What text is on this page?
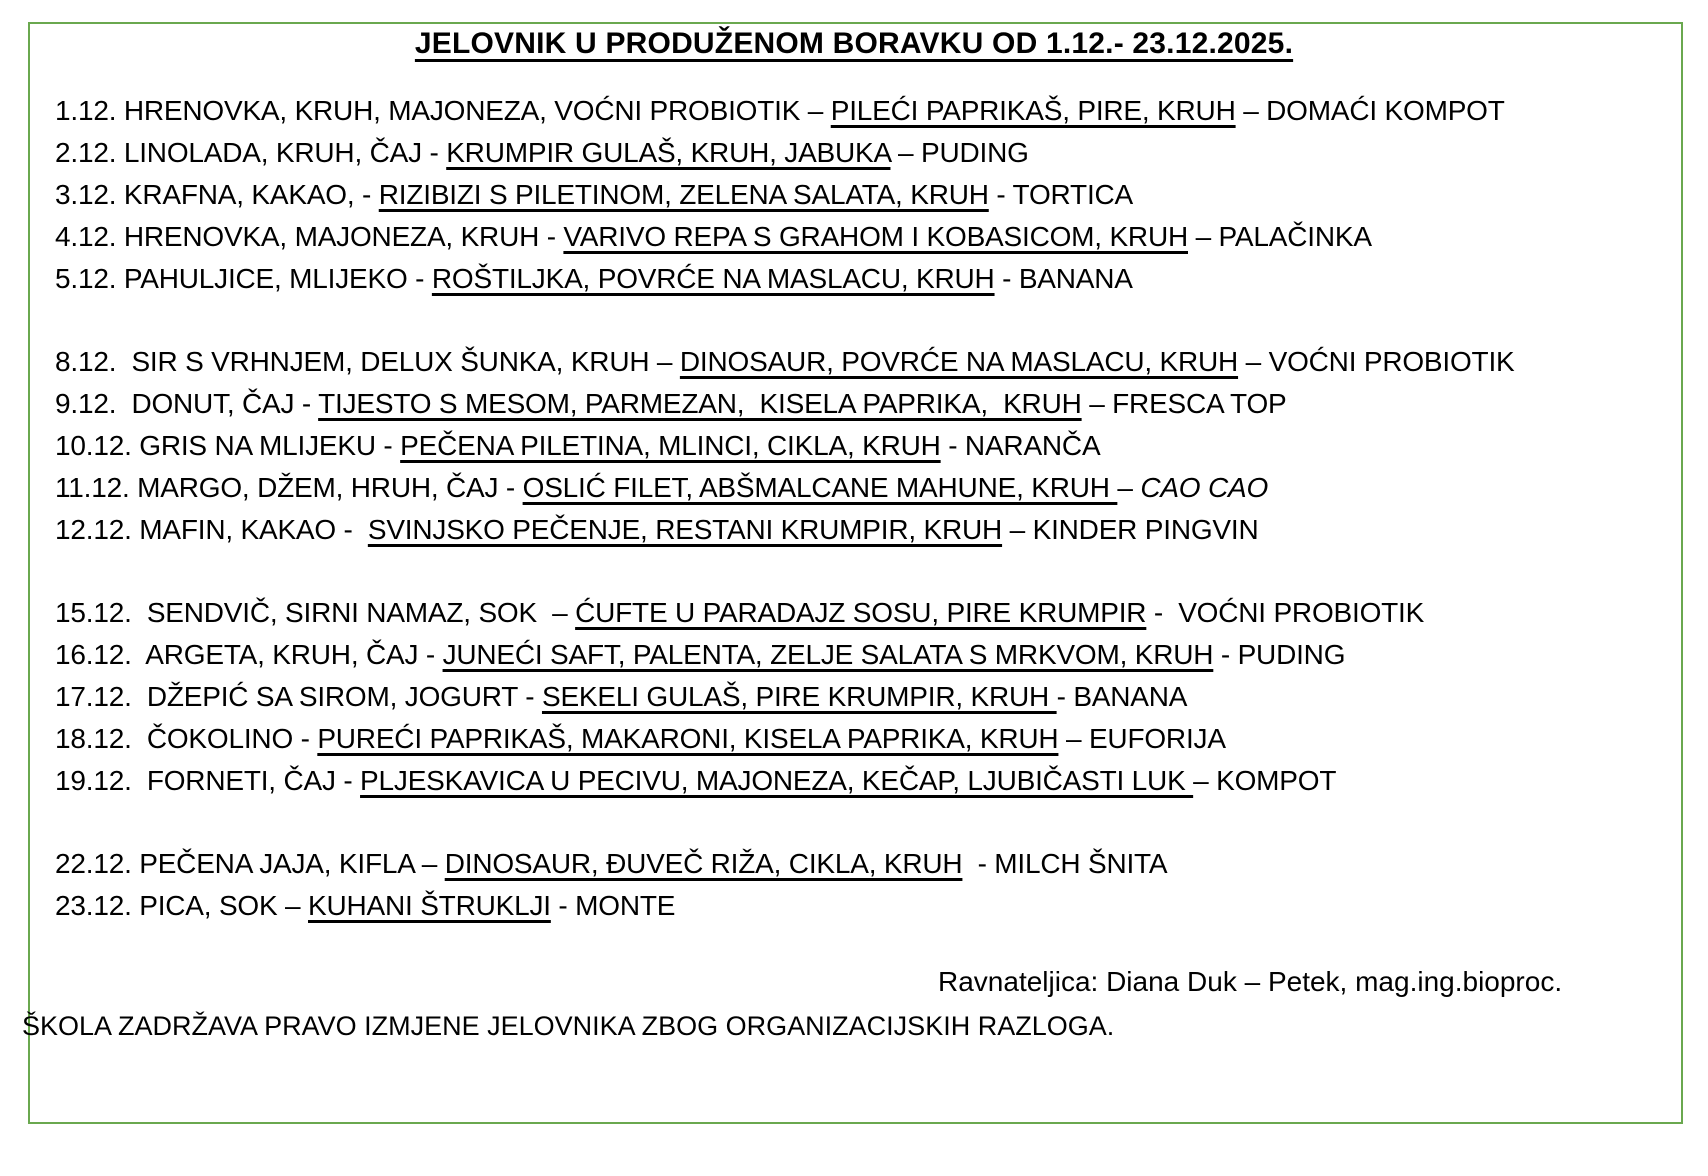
JELOVNIK U PRODUŽENOM BORAVKU OD 1.12.- 23.12.2025.
1.12. HRENOVKA, KRUH, MAJONEZA, VOĆNI PROBIOTIK – PILEĆI PAPRIKAŠ, PIRE, KRUH – DOMAĆI KOMPOT
2.12. LINOLADA, KRUH, ČAJ - KRUMPIR GULAŠ, KRUH, JABUKA – PUDING
3.12. KRAFNA, KAKAO, - RIZIBIZI S PILETINOM, ZELENA SALATA, KRUH - TORTICA
4.12. HRENOVKA, MAJONEZA, KRUH - VARIVO REPA S GRAHOM I KOBASICOM, KRUH – PALAČINKA
5.12. PAHULJICE, MLIJEKO - ROŠTILJKA, POVRĆE NA MASLACU, KRUH - BANANA
8.12.  SIR S VRHNJEM, DELUX ŠUNKA, KRUH – DINOSAUR, POVRĆE NA MASLACU, KRUH – VOĆNI PROBIOTIK
9.12.  DONUT, ČAJ - TIJESTO S MESOM, PARMEZAN,  KISELA PAPRIKA,  KRUH – FRESCA TOP
10.12. GRIS NA MLIJEKU - PEČENA PILETINA, MLINCI, CIKLA, KRUH - NARANČA
11.12. MARGO, DŽEM, HRUH, ČAJ - OSLIĆ FILET, ABŠMALCANE MAHUNE, KRUH – CAO CAO
12.12. MAFIN, KAKAO -  SVINJSKO PEČENJE, RESTANI KRUMPIR, KRUH – KINDER PINGVIN
15.12.  SENDVIČ, SIRNI NAMAZ, SOK  – ĆUFTE U PARADAJZ SOSU, PIRE KRUMPIR -  VOĆNI PROBIOTIK
16.12.  ARGETA, KRUH, ČAJ - JUNEĆI SAFT, PALENTA, ZELJE SALATA S MRKVOM, KRUH - PUDING
17.12.  DŽEPIĆ SA SIROM, JOGURT - SEKELI GULAŠ, PIRE KRUMPIR, KRUH - BANANA
18.12.  ČOKOLINO - PUREĆI PAPRIKAŠ, MAKARONI, KISELA PAPRIKA, KRUH – EUFORIJA
19.12.  FORNETI, ČAJ - PLJESKAVICA U PECIVU, MAJONEZA, KEČAP, LJUBIČASTI LUK – KOMPOT
22.12. PEČENA JAJA, KIFLA – DINOSAUR, ĐUVEČ RIŽA, CIKLA, KRUH  - MILCH ŠNITA
23.12. PICA, SOK – KUHANI ŠTRUKLJI - MONTE
Ravnateljica: Diana Duk – Petek, mag.ing.bioproc.
ŠKOLA ZADRŽAVA PRAVO IZMJENE JELOVNIKA ZBOG ORGANIZACIJSKIH RAZLOGA.
